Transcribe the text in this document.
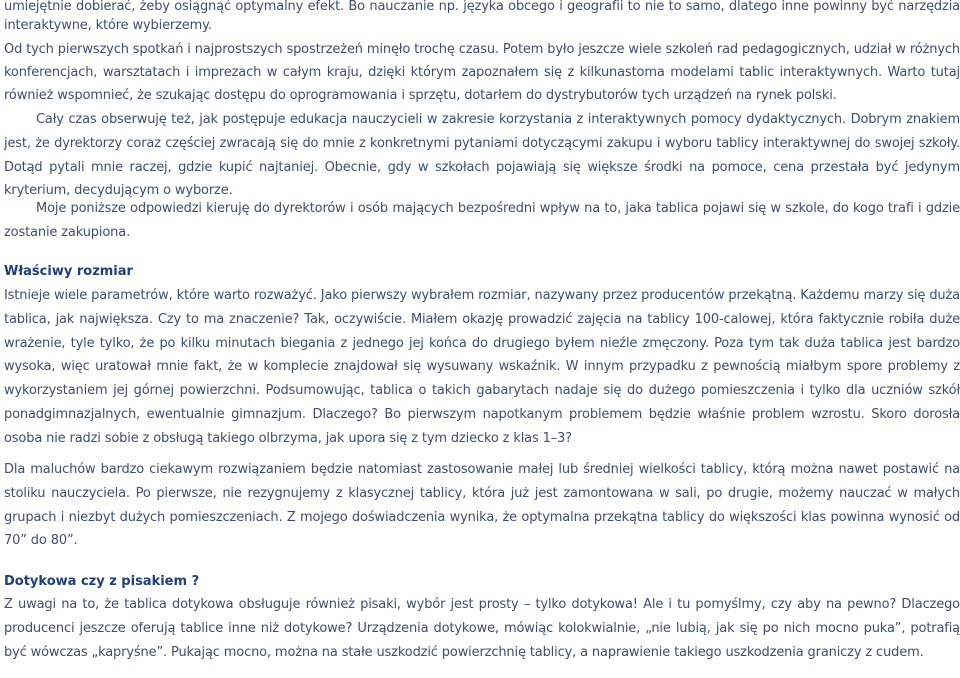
umiejętnie dobierać, żeby osiągnąć optymalny efekt. Bo nauczanie np. języka obcego i geografii to nie to samo, dlatego inne powinny być narzędzia interaktywne, które wybierzemy.

Od tych pierwszych spotkań i najprostszych spostrzeżeń minęło trochę czasu. Potem było jeszcze wiele szkoleń rad pedagogicznych, udział w różnych konferencjach, warsztatach i imprezach w całym kraju, dzięki którym zapoznałem się z kilkunastoma modelami tablic interaktywnych. Warto tutaj również wspomnieć, że szukając dostępu do oprogramowania i sprzętu, dotarłem do dystrybutorów tych urządzeń na rynek polski.

Cały czas obserwuję też, jak postępuje edukacja nauczycieli w zakresie korzystania z interaktywnych pomocy dydaktycznych. Dobrym znakiem jest, że dyrektorzy coraz częściej zwracają się do mnie z konkretnymi pytaniami dotyczącymi zakupu i wyboru tablicy interaktywnej do swojej szkoły. Dotąd pytali mnie raczej, gdzie kupić najtaniej. Obecnie, gdy w szkołach pojawiają się większe środki na pomoce, cena przestała być jedynym kryterium, decydującym o wyborze.

Moje poniższe odpowiedzi kieruję do dyrektorów i osób mających bezpośredni wpływ na to, jaka tablica pojawi się w szkole, do kogo trafi i gdzie zostanie zakupiona.

Właściwy rozmiar

Istnieje wiele parametrów, które warto rozważyć. Jako pierwszy wybrałem rozmiar, nazywany przez producentów przekątną. Każdemu marzy się duża tablica, jak największa. Czy to ma znaczenie? Tak, oczywiście. Miałem okazję prowadzić zajęcia na tablicy 100-calowej, która faktycznie robiła duże wrażenie, tyle tylko, że po kilku minutach biegania z jednego jej końca do drugiego byłem nieźle zmęczony. Poza tym tak duża tablica jest bardzo wysoka, więc uratował mnie fakt, że w komplecie znajdował się wysuwany wskaźnik. W innym przypadku z pewnością miałbym spore problemy z wykorzystaniem jej górnej powierzchni. Podsumowując, tablica o takich gabarytach nadaje się do dużego pomieszczenia i tylko dla uczniów szkół ponadgimnazjalnych, ewentualnie gimnazjum. Dlaczego? Bo pierwszym napotkanym problemem będzie właśnie problem wzrostu. Skoro dorosła osoba nie radzi sobie z obsługą takiego olbrzyma, jak upora się z tym dziecko z klas 1–3?

Dla maluchów bardzo ciekawym rozwiązaniem będzie natomiast zastosowanie małej lub średniej wielkości tablicy, którą można nawet postawić na stoliku nauczyciela. Po pierwsze, nie rezygnujemy z klasycznej tablicy, która już jest zamontowana w sali, po drugie, możemy nauczać w małych grupach i niezbyt dużych pomieszczeniach. Z mojego doświadczenia wynika, że optymalna przekątna tablicy do większości klas powinna wynosić od 70” do 80”.

Dotykowa czy z pisakiem ?

Z uwagi na to, że tablica dotykowa obsługuje również pisaki, wybór jest prosty – tylko dotykowa! Ale i tu pomyślmy, czy aby na pewno? Dlaczego producenci jeszcze oferują tablice inne niż dotykowe? Urządzenia dotykowe, mówiąc kolokwialnie, „nie lubią, jak się po nich mocno puka”, potrafią być wówczas „kapryśne”. Pukając mocno, można na stałe uszkodzić powierzchnię tablicy, a naprawienie takiego uszkodzenia graniczy z cudem.
